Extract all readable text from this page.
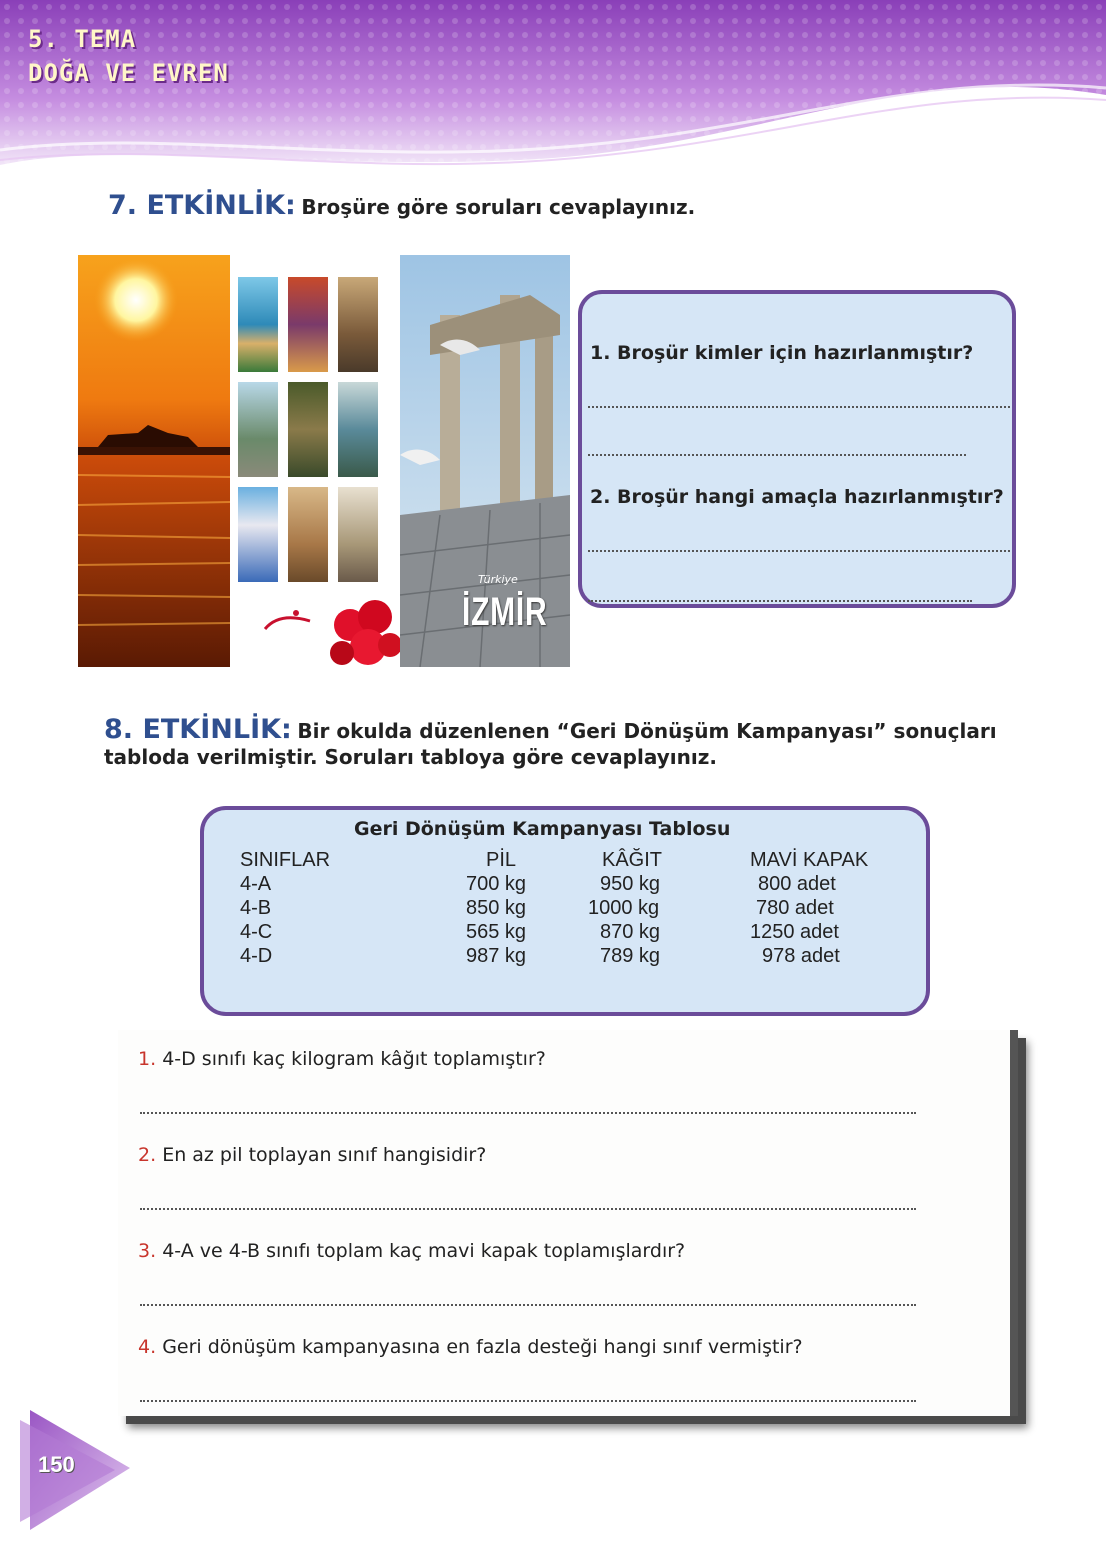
5. TEMA
DOĞA VE EVREN
7. ETKİNLİK: Broşüre göre soruları cevaplayınız.
İZMİR
Türkiye
1. Broşür kimler için hazırlanmıştır?
2. Broşür hangi amaçla hazırlanmıştır?
8. ETKİNLİK: Bir okulda düzenlenen “Geri Dönüşüm Kampanyası” sonuçları
tabloda verilmiştir. Soruları tabloya göre cevaplayınız.
Geri Dönüşüm Kampanyası Tablosu
SINIFLAR	PİL	KÂĞIT	MAVİ KAPAK
4-A	700 kg	950 kg	800 adet
4-B	850 kg	1000 kg	780 adet
4-C	565 kg	870 kg	1250 adet
4-D	987 kg	789 kg	978 adet
1. 4-D sınıfı kaç kilogram kâğıt toplamıştır?
2. En az pil toplayan sınıf hangisidir?
3. 4-A ve 4-B sınıfı toplam kaç mavi kapak toplamışlardır?
4. Geri dönüşüm kampanyasına en fazla desteği hangi sınıf vermiştir?
150
